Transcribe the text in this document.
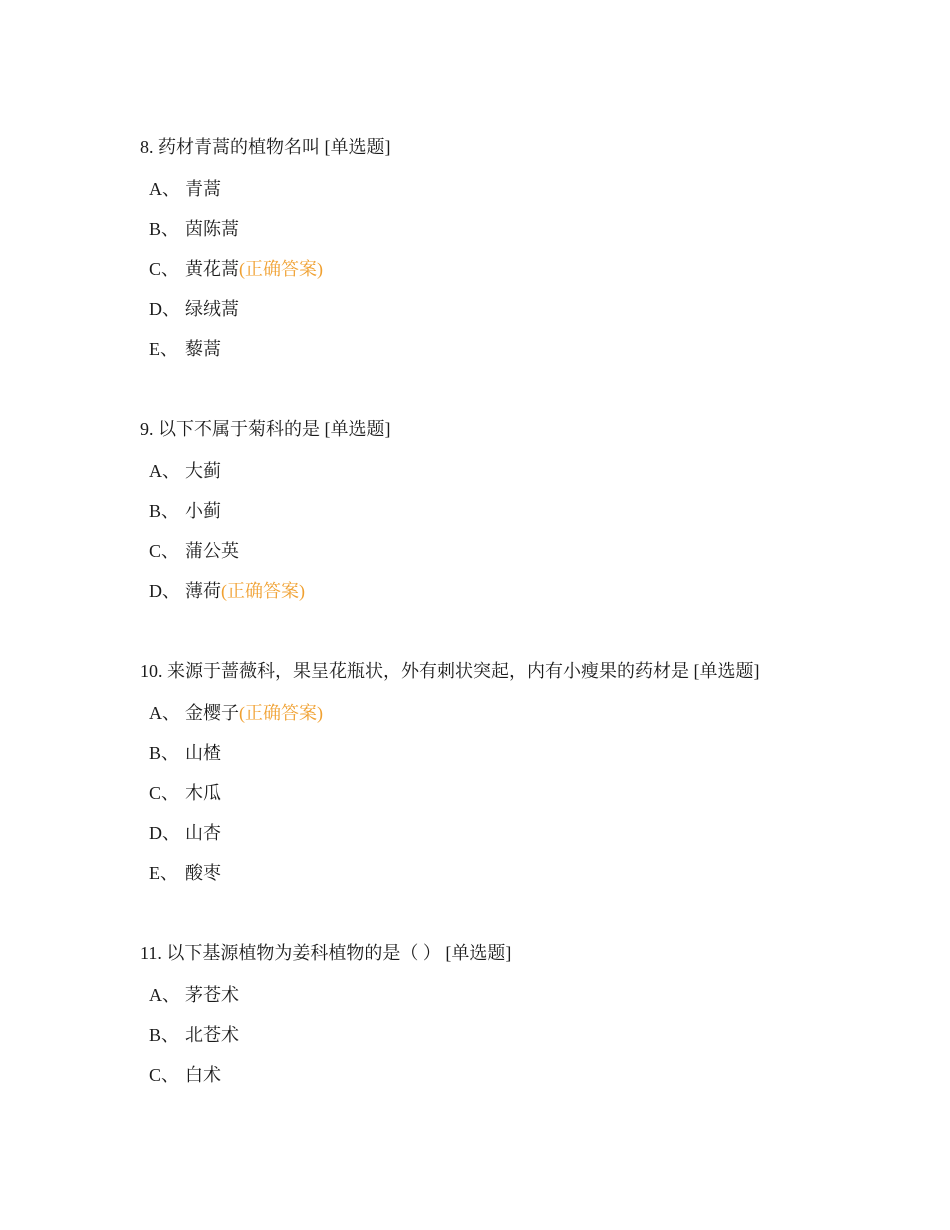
8. 药材青蒿的植物名叫 [单选题]
A、 青蒿
B、 茵陈蒿
C、 黄花蒿(正确答案)
D、 绿绒蒿
E、 藜蒿
9. 以下不属于菊科的是 [单选题]
A、 大蓟
B、 小蓟
C、 蒲公英
D、 薄荷(正确答案)
10. 来源于蔷薇科，果呈花瓶状，外有刺状突起，内有小瘦果的药材是 [单选题]
A、 金樱子(正确答案)
B、 山楂
C、 木瓜
D、 山杏
E、 酸枣
11. 以下基源植物为姜科植物的是（ ） [单选题]
A、 茅苍术
B、 北苍术
C、 白术
